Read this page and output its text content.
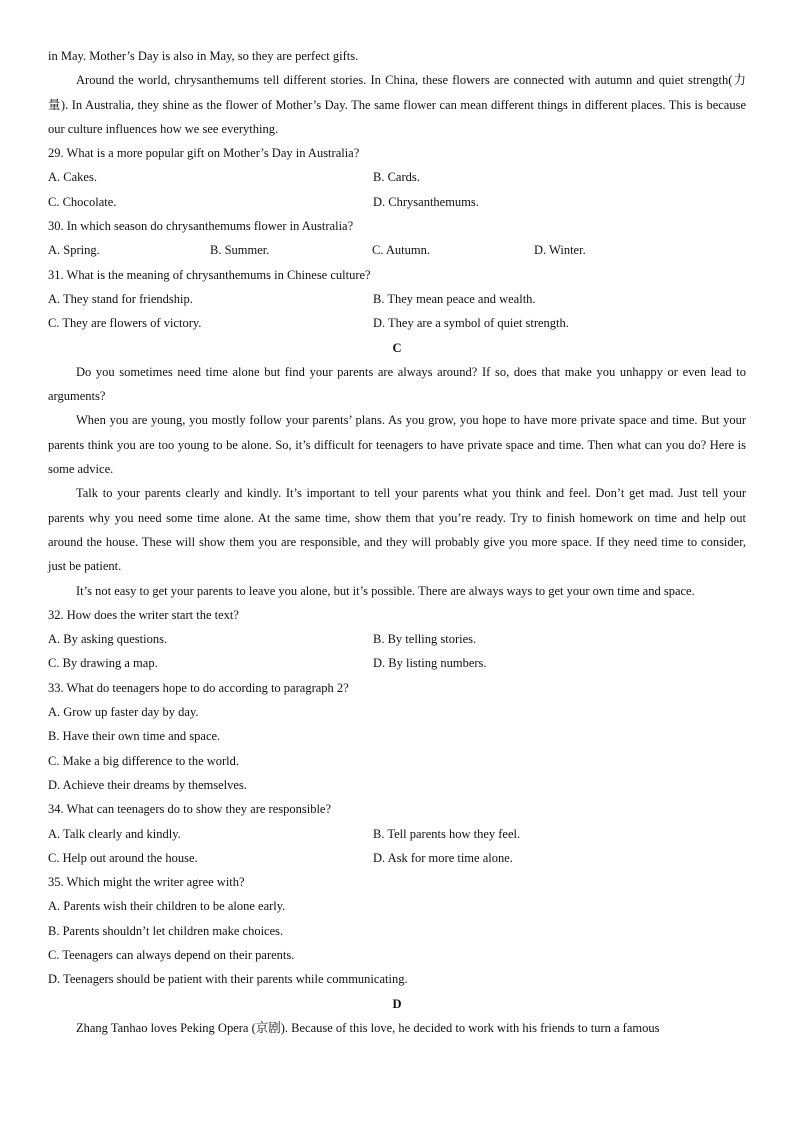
in May. Mother’s Day is also in May, so they are perfect gifts.
Around the world, chrysanthemums tell different stories. In China, these flowers are connected with autumn and quiet strength(力量). In Australia, they shine as the flower of Mother’s Day. The same flower can mean different things in different places. This is because our culture influences how we see everything.
29. What is a more popular gift on Mother’s Day in Australia?
A. Cakes.	B. Cards.
C. Chocolate.	D. Chrysanthemums.
30. In which season do chrysanthemums flower in Australia?
A. Spring.	B. Summer.	C. Autumn.	D. Winter.
31. What is the meaning of chrysanthemums in Chinese culture?
A. They stand for friendship.	B. They mean peace and wealth.
C. They are flowers of victory.	D. They are a symbol of quiet strength.
C
Do you sometimes need time alone but find your parents are always around? If so, does that make you unhappy or even lead to arguments?
When you are young, you mostly follow your parents’ plans. As you grow, you hope to have more private space and time. But your parents think you are too young to be alone. So, it’s difficult for teenagers to have private space and time. Then what can you do? Here is some advice.
Talk to your parents clearly and kindly. It’s important to tell your parents what you think and feel. Don’t get mad. Just tell your parents why you need some time alone. At the same time, show them that you’re ready. Try to finish homework on time and help out around the house. These will show them you are responsible, and they will probably give you more space. If they need time to consider, just be patient.
It’s not easy to get your parents to leave you alone, but it’s possible. There are always ways to get your own time and space.
32. How does the writer start the text?
A. By asking questions.	B. By telling stories.
C. By drawing a map.	D. By listing numbers.
33. What do teenagers hope to do according to paragraph 2?
A. Grow up faster day by day.
B. Have their own time and space.
C. Make a big difference to the world.
D. Achieve their dreams by themselves.
34. What can teenagers do to show they are responsible?
A. Talk clearly and kindly.	B. Tell parents how they feel.
C. Help out around the house.	D. Ask for more time alone.
35. Which might the writer agree with?
A. Parents wish their children to be alone early.
B. Parents shouldn’t let children make choices.
C. Teenagers can always depend on their parents.
D. Teenagers should be patient with their parents while communicating.
D
Zhang Tanhao loves Peking Opera (京剧). Because of this love, he decided to work with his friends to turn a famous
